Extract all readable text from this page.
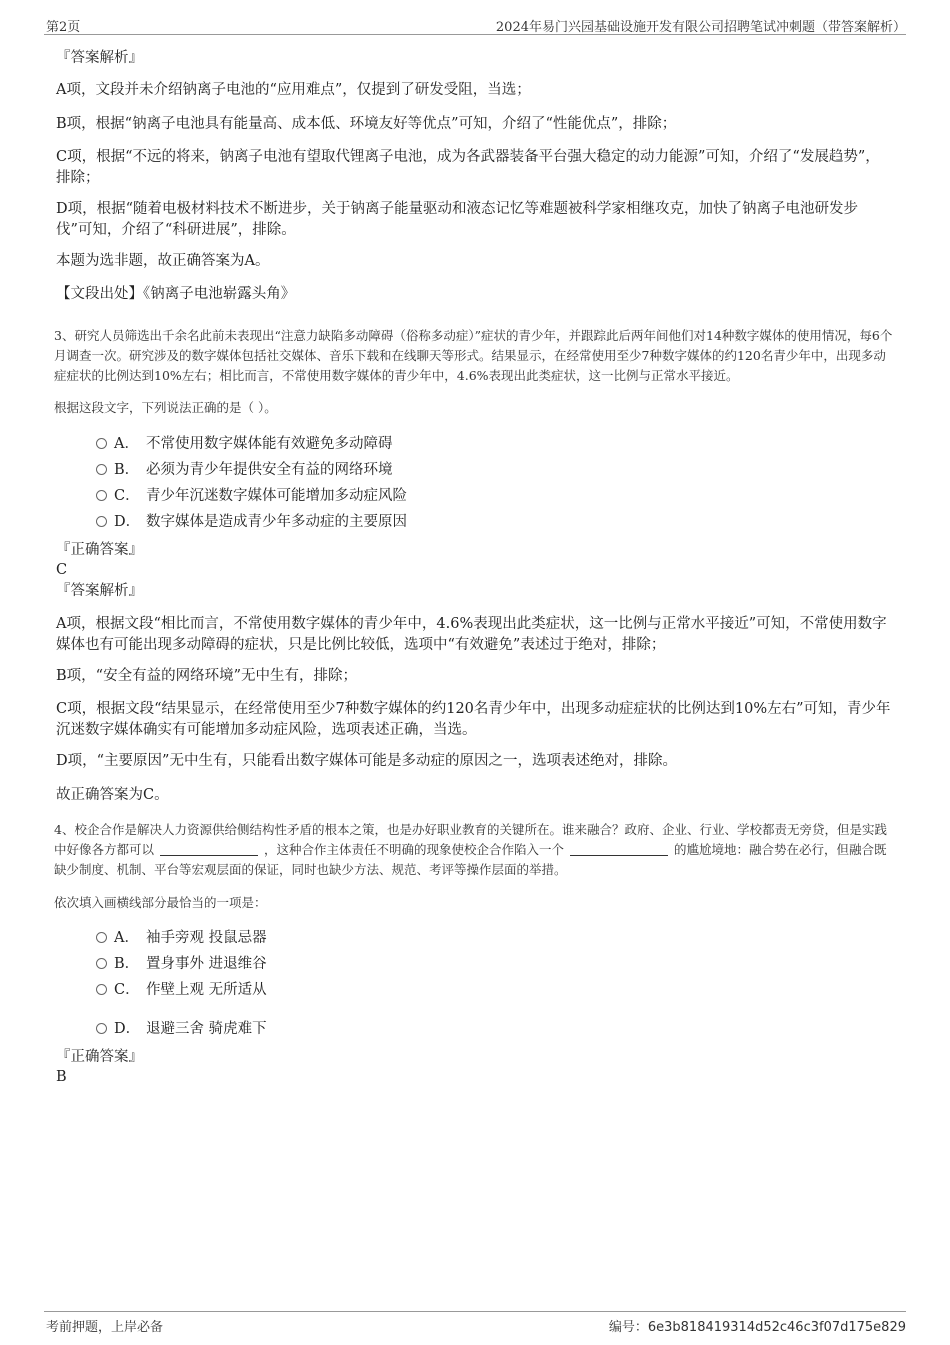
第2页	2024年易门兴园基础设施开发有限公司招聘笔试冲刺题（带答案解析）
『答案解析』
A项，文段并未介绍钠离子电池的“应用难点”，仅提到了研发受阻，当选；
B项，根据“钠离子电池具有能量高、成本低、环境友好等优点”可知，介绍了“性能优点”，排除；
C项，根据“不远的将来，钠离子电池有望取代锂离子电池，成为各武器装备平台强大稳定的动力能源”可知，介绍了“发展趋势”，排除；
D项，根据“随着电极材料技术不断进步，关于钠离子能量驱动和液态记忆等难题被科学家相继攻克，加快了钠离子电池研发步伐”可知，介绍了“科研进展”，排除。
本题为选非题，故正确答案为A。
【文段出处】《钠离子电池崭露头角》
3、研究人员筛选出千余名此前未表现出“注意力缺陷多动障碍（俗称多动症）”症状的青少年，并跟踪此后两年间他们对14种数字媒体的使用情况，每6个月调查一次。研究涉及的数字媒体包括社交媒体、音乐下载和在线聊天等形式。结果显示，在经常使用至少7种数字媒体的约120名青少年中，出现多动症症状的比例达到10%左右；相比而言，不常使用数字媒体的青少年中，4.6%表现出此类症状，这一比例与正常水平接近。
根据这段文字，下列说法正确的是（ ）。
A． 不常使用数字媒体能有效避免多动障碍
B． 必须为青少年提供安全有益的网络环境
C． 青少年沉迷数字媒体可能增加多动症风险
D． 数字媒体是造成青少年多动症的主要原因
『正确答案』
C
『答案解析』
A项，根据文段“相比而言，不常使用数字媒体的青少年中，4.6%表现出此类症状，这一比例与正常水平接近”可知，不常使用数字媒体也有可能出现多动障碍的症状，只是比例比较低，选项中“有效避免”表述过于绝对，排除；
B项，“安全有益的网络环境”无中生有，排除；
C项，根据文段“结果显示，在经常使用至少7种数字媒体的约120名青少年中，出现多动症症状的比例达到10%左右”可知，青少年沉迷数字媒体确实有可能增加多动症风险，选项表述正确，当选。
D项，“主要原因”无中生有，只能看出数字媒体可能是多动症的原因之一，选项表述绝对，排除。
故正确答案为C。
4、校企合作是解决人力资源供给侧结构性矛盾的根本之策，也是办好职业教育的关键所在。谁来融合？政府、企业、行业、学校都责无旁贷，但是实践中好像各方都可以	，这种合作主体责任不明确的现象使校企合作陷入一个	的尴尬境地：融合势在必行，但融合既缺少制度、机制、平台等宏观层面的保证，同时也缺少方法、规范、考评等操作层面的举措。
依次填入画横线部分最恰当的一项是：
A． 袖手旁观 投鼠忌器
B． 置身事外 进退维谷
C． 作壁上观 无所适从
D． 退避三舍 骑虎难下
『正确答案』
B
考前押题，上岸必备	编号：6e3b818419314d52c46c3f07d175e829
